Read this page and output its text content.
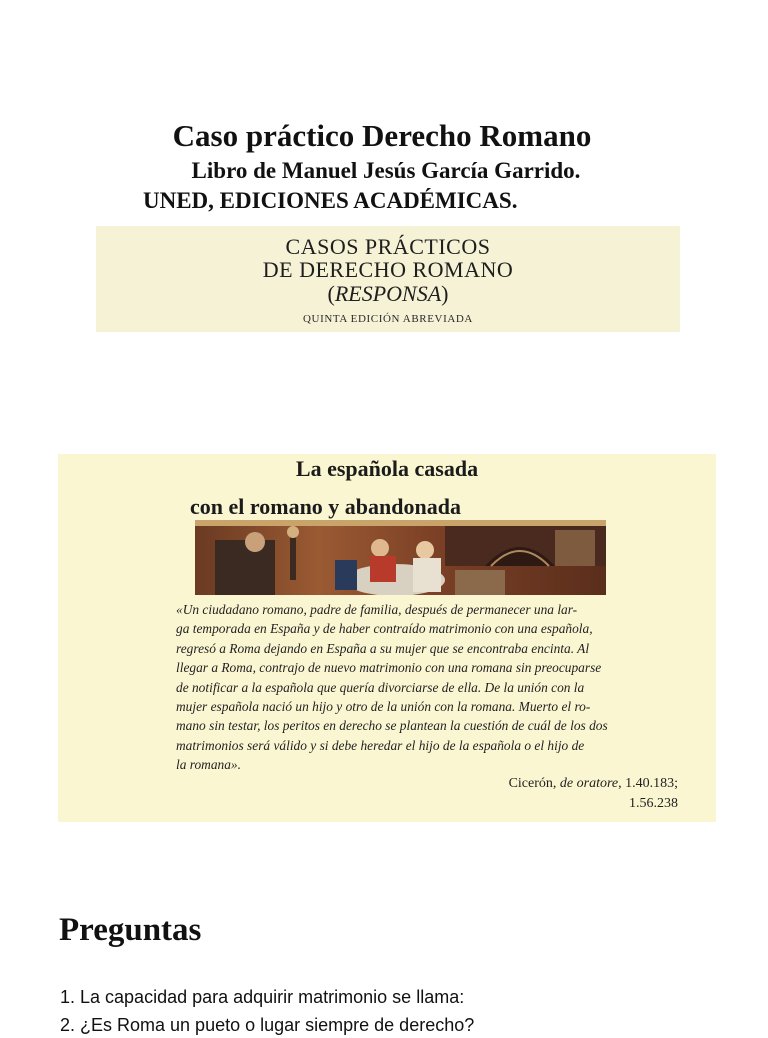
Caso práctico Derecho Romano
Libro de Manuel Jesús García Garrido.
UNED, EDICIONES ACADÉMICAS.
CASOS PRÁCTICOS
DE DERECHO ROMANO
(RESPONSA)
QUINTA EDICIÓN ABREVIADA
La española casada
con el romano y abandonada
«Un ciudadano romano, padre de familia, después de permanecer una lar-
ga temporada en España y de haber contraído matrimonio con una española,
regresó a Roma dejando en España a su mujer que se encontraba encinta. Al
llegar a Roma, contrajo de nuevo matrimonio con una romana sin preocuparse
de notificar a la española que quería divorciarse de ella. De la unión con la
mujer española nació un hijo y otro de la unión con la romana. Muerto el ro-
mano sin testar, los peritos en derecho se plantean la cuestión de cuál de los dos
matrimonios será válido y si debe heredar el hijo de la española o el hijo de
la romana».
Cicerón, de oratore, 1.40.183;
1.56.238
Preguntas
1. La capacidad para adquirir matrimonio se llama:
2. ¿Es Roma un pueto o lugar siempre de derecho?
